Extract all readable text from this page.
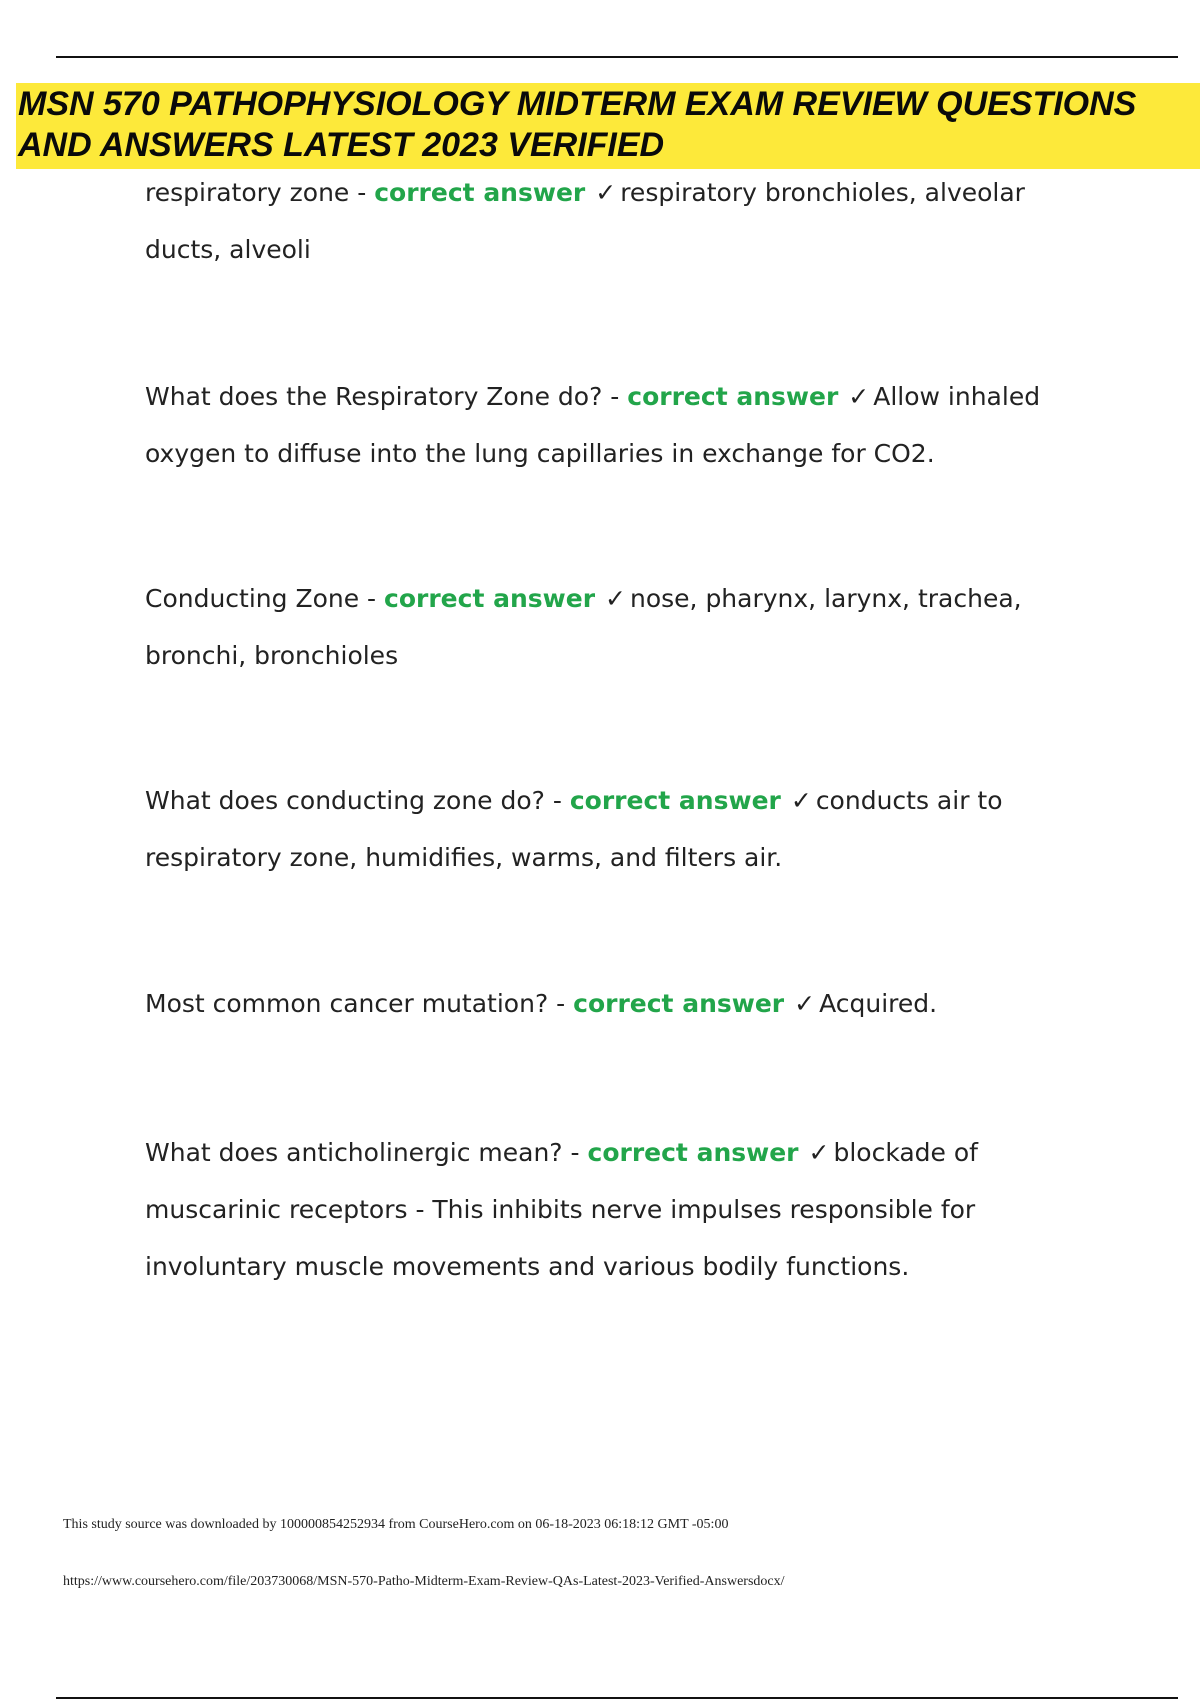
MSN 570 PATHOPHYSIOLOGY MIDTERM EXAM REVIEW QUESTIONS
AND ANSWERS LATEST 2023 VERIFIED
respiratory zone - correct answer ✓ respiratory bronchioles, alveolar ducts, alveoli
What does the Respiratory Zone do? - correct answer ✓ Allow inhaled oxygen to diffuse into the lung capillaries in exchange for CO2.
Conducting Zone - correct answer ✓ nose, pharynx, larynx, trachea, bronchi, bronchioles
What does conducting zone do? - correct answer ✓ conducts air to respiratory zone, humidifies, warms, and filters air.
Most common cancer mutation? - correct answer ✓ Acquired.
What does anticholinergic mean? - correct answer ✓ blockade of muscarinic receptors - This inhibits nerve impulses responsible for involuntary muscle movements and various bodily functions.
This study source was downloaded by 100000854252934 from CourseHero.com on 06-18-2023 06:18:12 GMT -05:00
https://www.coursehero.com/file/203730068/MSN-570-Patho-Midterm-Exam-Review-QAs-Latest-2023-Verified-Answersdocx/
